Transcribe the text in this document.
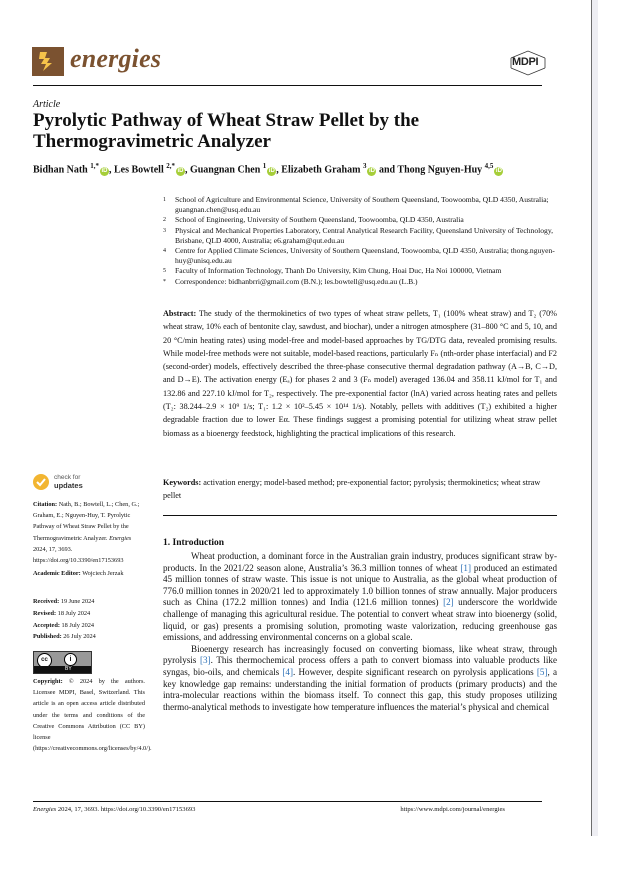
energies	MDPI
Article
Pyrolytic Pathway of Wheat Straw Pellet by the Thermogravimetric Analyzer
Bidhan Nath $^{1,*}$iD , Les Bowtell $^{2,*}$iD , Guangnan Chen $^1$iD , Elizabeth Graham $^3$iD and Thong Nguyen-Huy $^{4,5}$iD
1	School of Agriculture and Environmental Science, University of Southern Queensland, Toowoomba, QLD 4350, Australia; guangnan.chen@usq.edu.au
2	School of Engineering, University of Southern Queensland, Toowoomba, QLD 4350, Australia
3	Physical and Mechanical Properties Laboratory, Central Analytical Research Facility, Queensland University of Technology, Brisbane, QLD 4000, Australia; e6.graham@qut.edu.au
4	Centre for Applied Climate Sciences, University of Southern Queensland, Toowoomba, QLD 4350, Australia; thong.nguyen-huy@unisq.edu.au
5	Faculty of Information Technology, Thanh Do University, Kim Chung, Hoai Duc, Ha Noi 100000, Vietnam
*	Correspondence: bidhanbrri@gmail.com (B.N.); les.bowtell@usq.edu.au (L.B.)
Abstract: The study of the thermokinetics of two types of wheat straw pellets, T₁ (100% wheat straw) and T₂ (70% wheat straw, 10% each of bentonite clay, sawdust, and biochar), under a nitrogen atmosphere (31–800 °C and 5, 10, and 20 °C/min heating rates) using model-free and model-based approaches by TG/DTG data, revealed promising results. While model-free methods were not suitable, model-based reactions, particularly Fₙ (nth-order phase interfacial) and F2 (second-order) models, effectively described the three-phase consecutive thermal degradation pathway (A→B, C→D, and D→E). The activation energy (Eₐ) for phases 2 and 3 (Fₙ model) averaged 136.04 and 358.11 kJ/mol for T₁ and 132.86 and 227.10 kJ/mol for T₂, respectively. The pre-exponential factor (lnA) varied across heating rates and pellets (T₂: 38.244–2.9 × 10⁹ 1/s; T₁: 1.2 × 10²–5.45 × 10¹⁴ 1/s). Notably, pellets with additives (T₂) exhibited a higher degradable fraction due to lower Eα. These findings suggest a promising potential for utilizing wheat straw pellet biomass as a bioenergy feedstock, highlighting the practical implications of this research.
Keywords: activation energy; model-based method; pre-exponential factor; pyrolysis; thermokinetics; wheat straw pellet
1. Introduction

Wheat production, a dominant force in the Australian grain industry, produces significant straw by-products. In the 2021/22 season alone, Australia’s 36.3 million tonnes of wheat [1] produced an estimated 45 million tonnes of straw waste. This issue is not unique to Australia, as the global wheat production of 776.0 million tonnes in 2020/21 led to approximately 1.0 billion tonnes of straw annually. Major producers such as China (172.2 million tonnes) and India (121.6 million tonnes) [2] underscore the worldwide challenge of managing this agricultural residue. The potential to convert wheat straw into bioenergy (solid, liquid, or gas) presents a promising solution, promoting waste valorization, reducing greenhouse gas emissions, and addressing environmental concerns on a global scale.

Bioenergy research has increasingly focused on converting biomass, like wheat straw, through pyrolysis [3]. This thermochemical process offers a path to convert biomass into valuable products like syngas, bio-oils, and chemicals [4]. However, despite significant research on pyrolysis applications [5], a key knowledge gap remains: understanding the initial formation of products (primary products) and the intra-molecular reactions within the biomass itself. To connect this gap, this study proposes utilizing thermo-analytical methods to investigate how temperature influences the material’s physical and chemical

check for
updates
Citation: Nath, B.; Bowtell, L.; Chen, G.; Graham, E.; Nguyen-Huy, T. Pyrolytic Pathway of Wheat Straw Pellet by the Thermogravimetric Analyzer. Energies 2024, 17, 3693. https://doi.org/10.3390/en17153693
Academic Editor: Wojciech Jerzak
Received: 19 June 2024
Revised: 18 July 2024
Accepted: 18 July 2024
Published: 26 July 2024
cc	i
BY
Copyright: © 2024 by the authors. Licensee MDPI, Basel, Switzerland. This article is an open access article distributed under the terms and conditions of the Creative Commons Attribution (CC BY) license (https://creativecommons.org/licenses/by/4.0/).
Energies 2024, 17, 3693. https://doi.org/10.3390/en17153693	https://www.mdpi.com/journal/energies
